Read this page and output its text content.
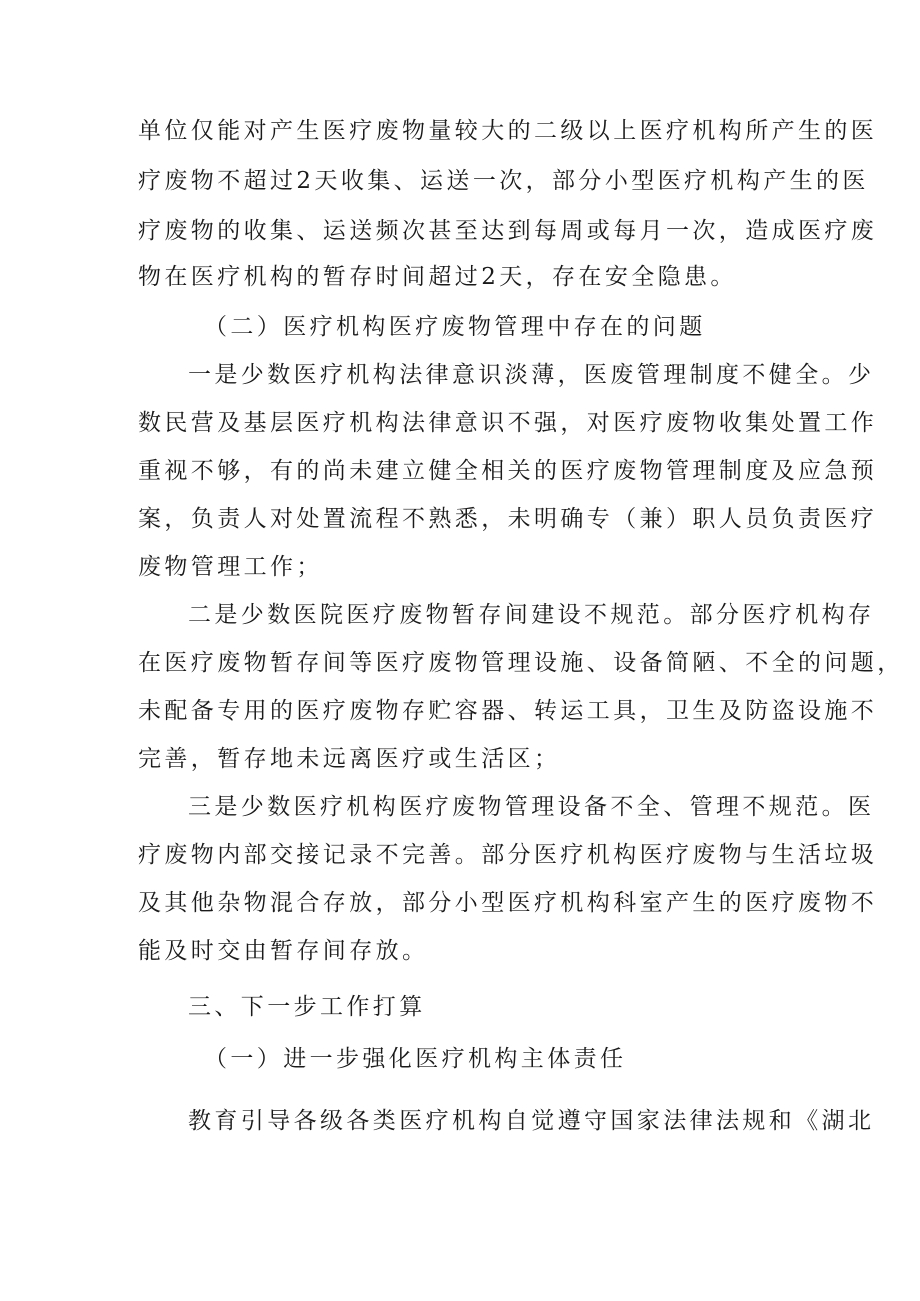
单位仅能对产生医疗废物量较大的二级以上医疗机构所产生的医
疗废物不超过2天收集、运送一次，部分小型医疗机构产生的医
疗废物的收集、运送频次甚至达到每周或每月一次，造成医疗废
物在医疗机构的暂存时间超过2天，存在安全隐患。
（二）医疗机构医疗废物管理中存在的问题
一是少数医疗机构法律意识淡薄，医废管理制度不健全。少
数民营及基层医疗机构法律意识不强，对医疗废物收集处置工作
重视不够，有的尚未建立健全相关的医疗废物管理制度及应急预
案，负责人对处置流程不熟悉，未明确专（兼）职人员负责医疗
废物管理工作；
二是少数医院医疗废物暂存间建设不规范。部分医疗机构存
在医疗废物暂存间等医疗废物管理设施、设备简陋、不全的问题，
未配备专用的医疗废物存贮容器、转运工具，卫生及防盗设施不
完善，暂存地未远离医疗或生活区；
三是少数医疗机构医疗废物管理设备不全、管理不规范。医
疗废物内部交接记录不完善。部分医疗机构医疗废物与生活垃圾
及其他杂物混合存放，部分小型医疗机构科室产生的医疗废物不
能及时交由暂存间存放。
三、下一步工作打算
（一）进一步强化医疗机构主体责任
教育引导各级各类医疗机构自觉遵守国家法律法规和《湖北
